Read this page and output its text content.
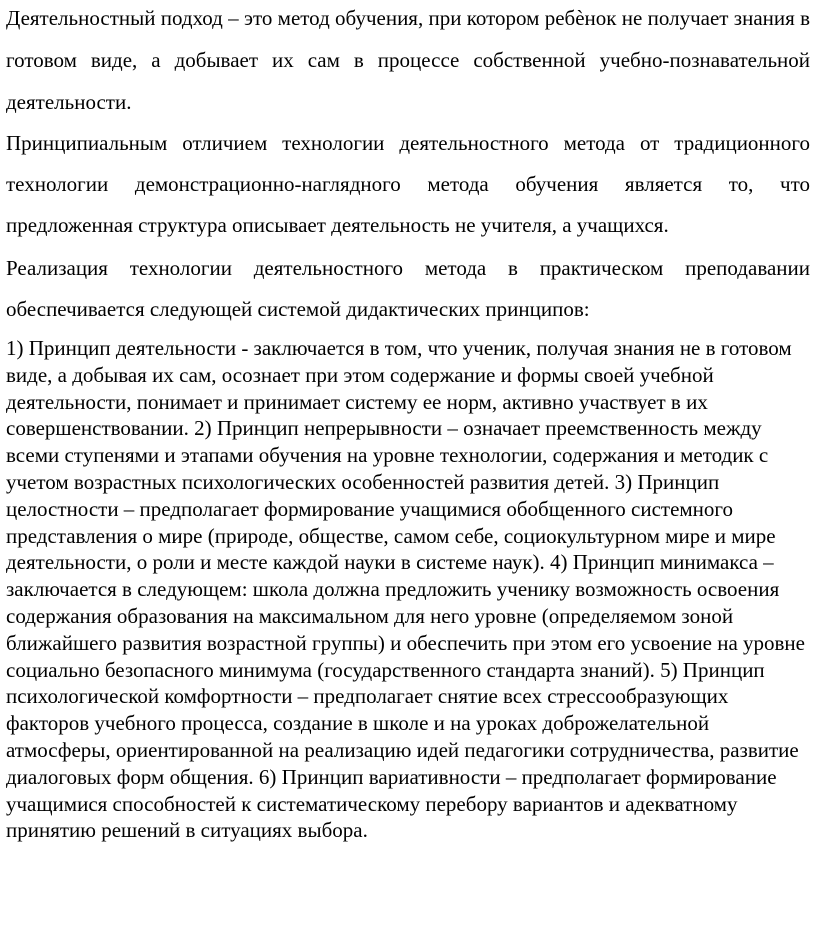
Деятельностный подход – это метод обучения, при котором ребѐнок не получает знания в готовом виде, а добывает их сам в процессе собственной учебно-познавательной деятельности.

Принципиальным отличием технологии деятельностного метода от традиционного технологии демонстрационно-наглядного метода обучения является то, что предложенная структура описывает деятельность не учителя, а учащихся.

Реализация технологии деятельностного метода в практическом преподавании обеспечивается следующей системой дидактических принципов:

1) Принцип деятельности - заключается в том, что ученик, получая знания не в готовом виде, а добывая их сам, осознает при этом содержание и формы своей учебной деятельности, понимает и принимает систему ее норм, активно участвует в их совершенствовании. 2) Принцип непрерывности – означает преемственность между всеми ступенями и этапами обучения на уровне технологии, содержания и методик с учетом возрастных психологических особенностей развития детей. 3) Принцип целостности – предполагает формирование учащимися обобщенного системного представления о мире (природе, обществе, самом себе, социокультурном мире и мире деятельности, о роли и месте каждой науки в системе наук). 4) Принцип минимакса – заключается в следующем: школа должна предложить ученику возможность освоения содержания образования на максимальном для него уровне (определяемом зоной ближайшего развития возрастной группы) и обеспечить при этом его усвоение на уровне социально безопасного минимума (государственного стандарта знаний). 5) Принцип психологической комфортности – предполагает снятие всех стрессообразующих факторов учебного процесса, создание в школе и на уроках доброжелательной атмосферы, ориентированной на реализацию идей педагогики сотрудничества, развитие диалоговых форм общения. 6) Принцип вариативности – предполагает формирование учащимися способностей к систематическому перебору вариантов и адекватному принятию решений в ситуациях выбора.
